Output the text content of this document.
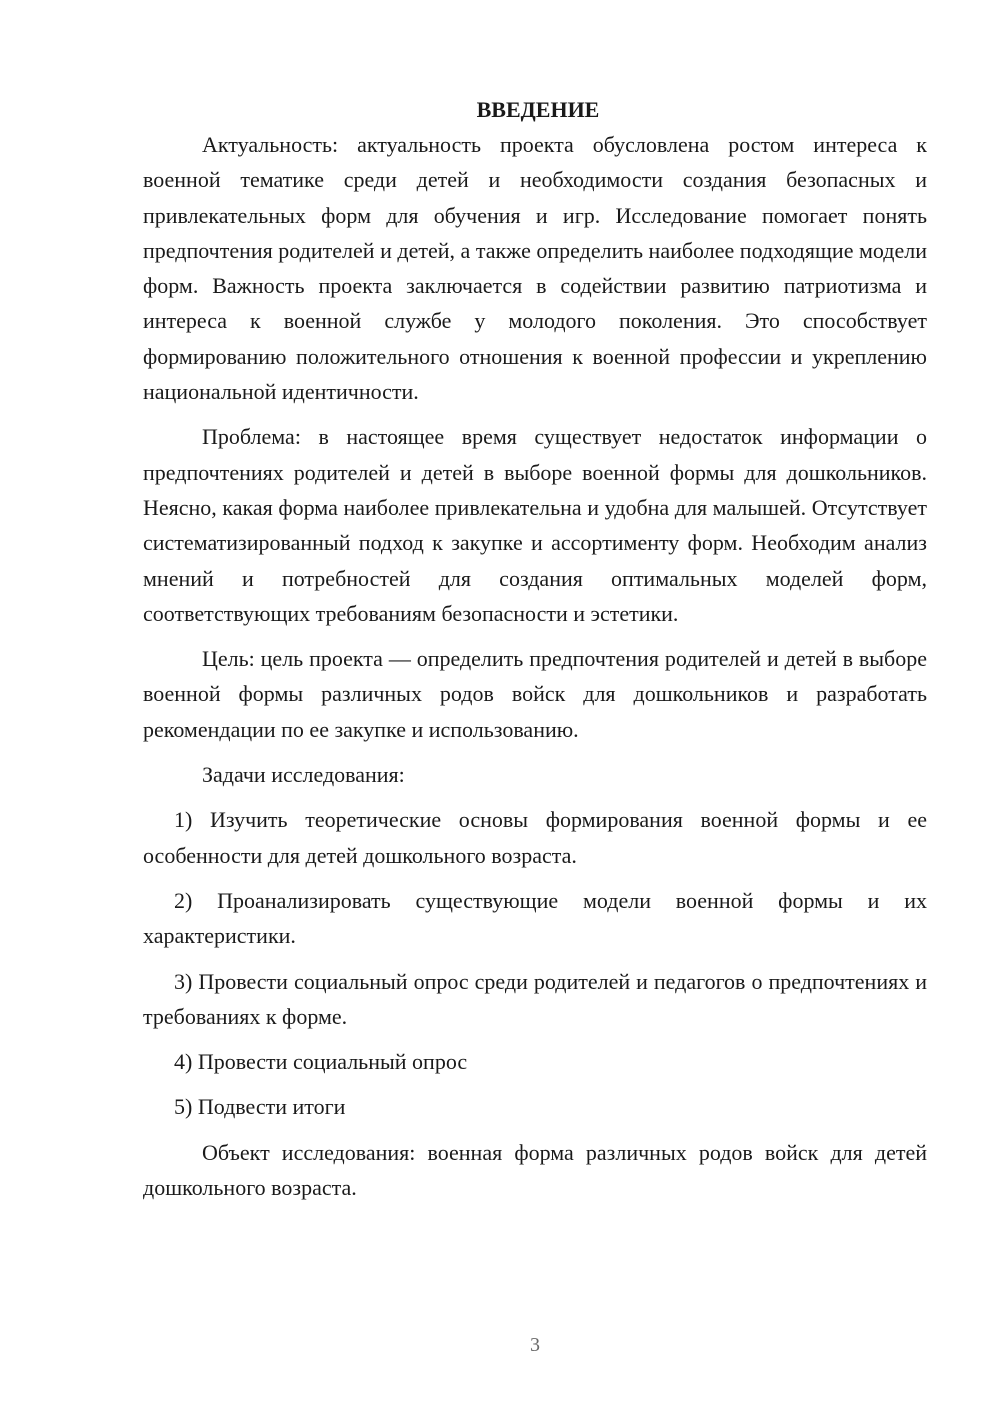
ВВЕДЕНИЕ

Актуальность: актуальность проекта обусловлена ростом интереса к военной тематике среди детей и необходимости создания безопасных и привлекательных форм для обучения и игр. Исследование помогает понять предпочтения родителей и детей, а также определить наиболее подходящие модели форм. Важность проекта заключается в содействии развитию патриотизма и интереса к военной службе у молодого поколения. Это способствует формированию положительного отношения к военной профессии и укреплению национальной идентичности.

Проблема: в настоящее время существует недостаток информации о предпочтениях родителей и детей в выборе военной формы для дошкольников. Неясно, какая форма наиболее привлекательна и удобна для малышей. Отсутствует систематизированный подход к закупке и ассортименту форм. Необходим анализ мнений и потребностей для создания оптимальных моделей форм, соответствующих требованиям безопасности и эстетики.

Цель: цель проекта — определить предпочтения родителей и детей в выборе военной формы различных родов войск для дошкольников и разработать рекомендации по ее закупке и использованию.

Задачи исследования:

1) Изучить теоретические основы формирования военной формы и ее особенности для детей дошкольного возраста.

2) Проанализировать существующие модели военной формы и их характеристики.

3) Провести социальный опрос среди родителей и педагогов о предпочтениях и требованиях к форме.

4) Провести социальный опрос

5) Подвести итоги

Объект исследования: военная форма различных родов войск для детей дошкольного возраста.

3
